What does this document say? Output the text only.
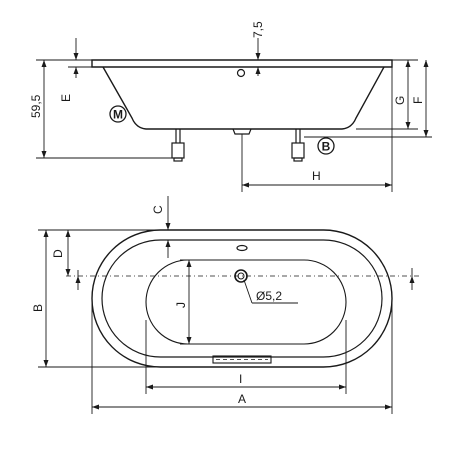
M
B
7,5
E
59,5	G F
H
Ø5,2
C
D
B	J
I
A
